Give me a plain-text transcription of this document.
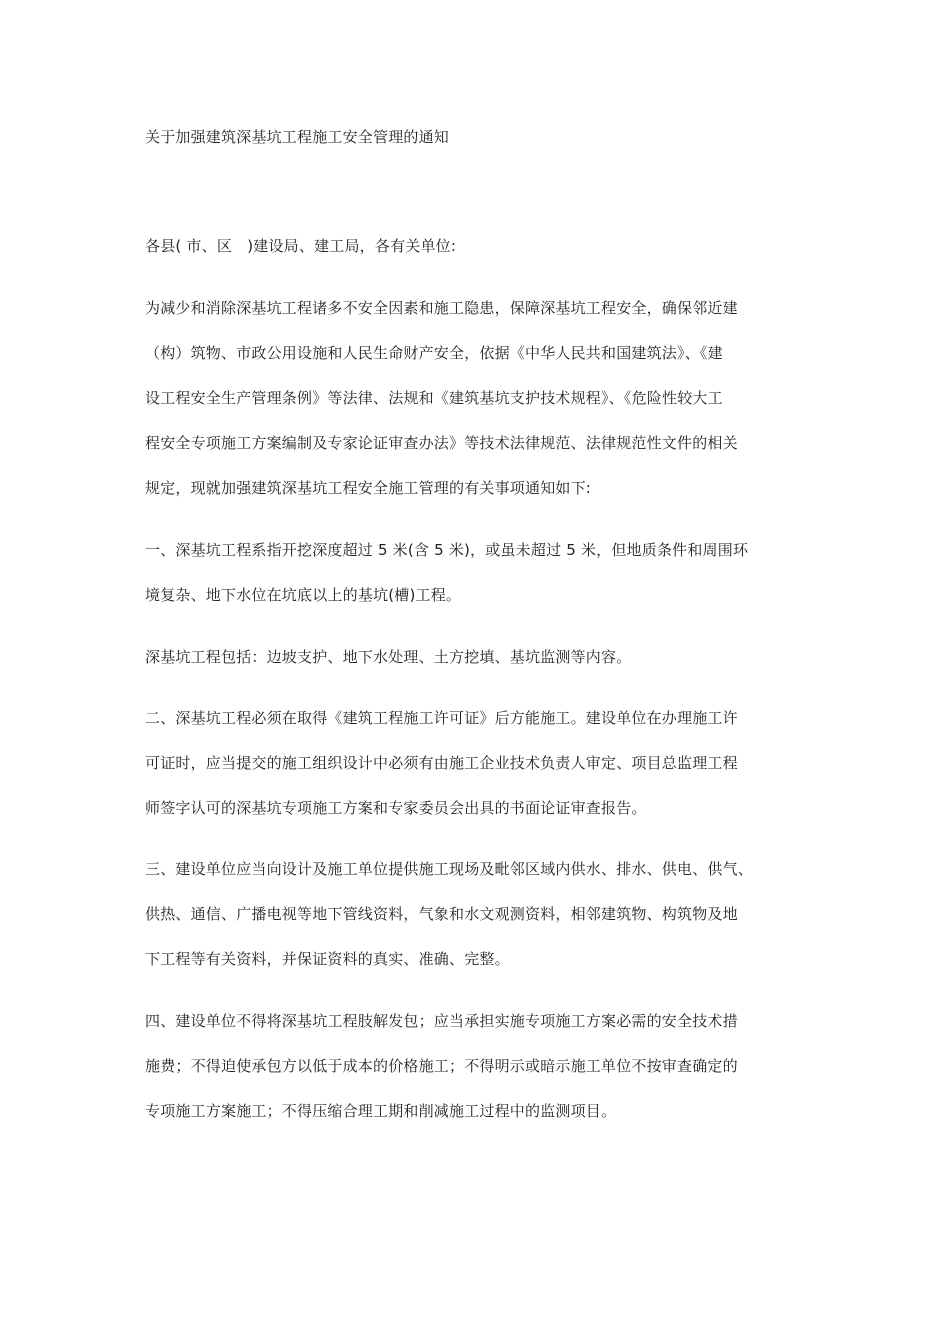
关于加强建筑深基坑工程施工安全管理的通知
各县( 市、区　)建设局、建工局，各有关单位:
为减少和消除深基坑工程诸多不安全因素和施工隐患，保障深基坑工程安全，确保邻近建
（构）筑物、市政公用设施和人民生命财产安全，依据《中华人民共和国建筑法》、《建
设工程安全生产管理条例》等法律、法规和《建筑基坑支护技术规程》、《危险性较大工
程安全专项施工方案编制及专家论证审查办法》等技术法律规范、法律规范性文件的相关
规定，现就加强建筑深基坑工程安全施工管理的有关事项通知如下:
一、深基坑工程系指开挖深度超过 5 米(含 5 米)，或虽未超过 5 米，但地质条件和周围环
境复杂、地下水位在坑底以上的基坑(槽)工程。
深基坑工程包括：边坡支护、地下水处理、土方挖填、基坑监测等内容。
二、深基坑工程必须在取得《建筑工程施工许可证》后方能施工。建设单位在办理施工许
可证时，应当提交的施工组织设计中必须有由施工企业技术负责人审定、项目总监理工程
师签字认可的深基坑专项施工方案和专家委员会出具的书面论证审查报告。
三、建设单位应当向设计及施工单位提供施工现场及毗邻区域内供水、排水、供电、供气、
供热、通信、广播电视等地下管线资料，气象和水文观测资料，相邻建筑物、构筑物及地
下工程等有关资料，并保证资料的真实、准确、完整。
四、建设单位不得将深基坑工程肢解发包；应当承担实施专项施工方案必需的安全技术措
施费；不得迫使承包方以低于成本的价格施工；不得明示或暗示施工单位不按审查确定的
专项施工方案施工；不得压缩合理工期和削减施工过程中的监测项目。
